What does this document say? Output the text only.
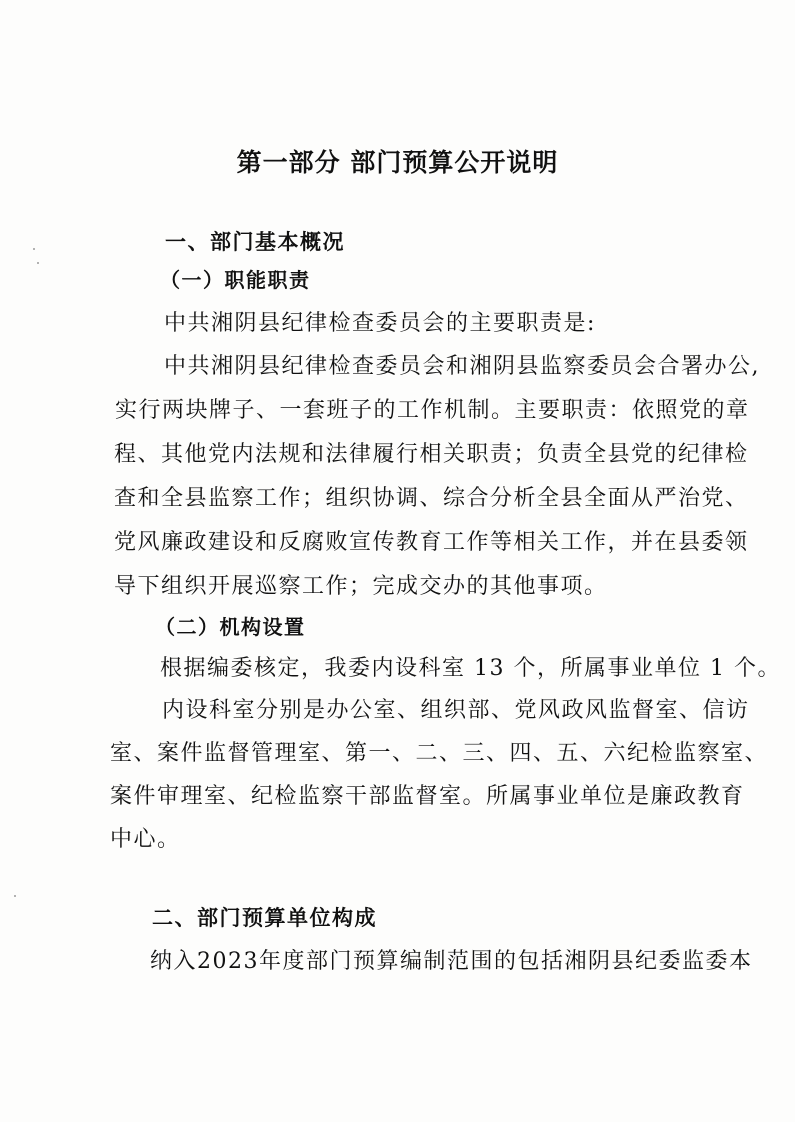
第一部分 部门预算公开说明
一、部门基本概况
（一）职能职责
中共湘阴县纪律检查委员会的主要职责是:
中共湘阴县纪律检查委员会和湘阴县监察委员会合署办公,
实行两块牌子、一套班子的工作机制。主要职责：依照党的章
程、其他党内法规和法律履行相关职责；负责全县党的纪律检
查和全县监察工作；组织协调、综合分析全县全面从严治党、
党风廉政建设和反腐败宣传教育工作等相关工作，并在县委领
导下组织开展巡察工作；完成交办的其他事项。
（二）机构设置
根据编委核定，我委内设科室 13 个，所属事业单位 1 个。
内设科室分别是办公室、组织部、党风政风监督室、信访
室、案件监督管理室、第一、二、三、四、五、六纪检监察室、
案件审理室、纪检监察干部监督室。所属事业单位是廉政教育
中心。
二、部门预算单位构成
纳入2023年度部门预算编制范围的包括湘阴县纪委监委本
